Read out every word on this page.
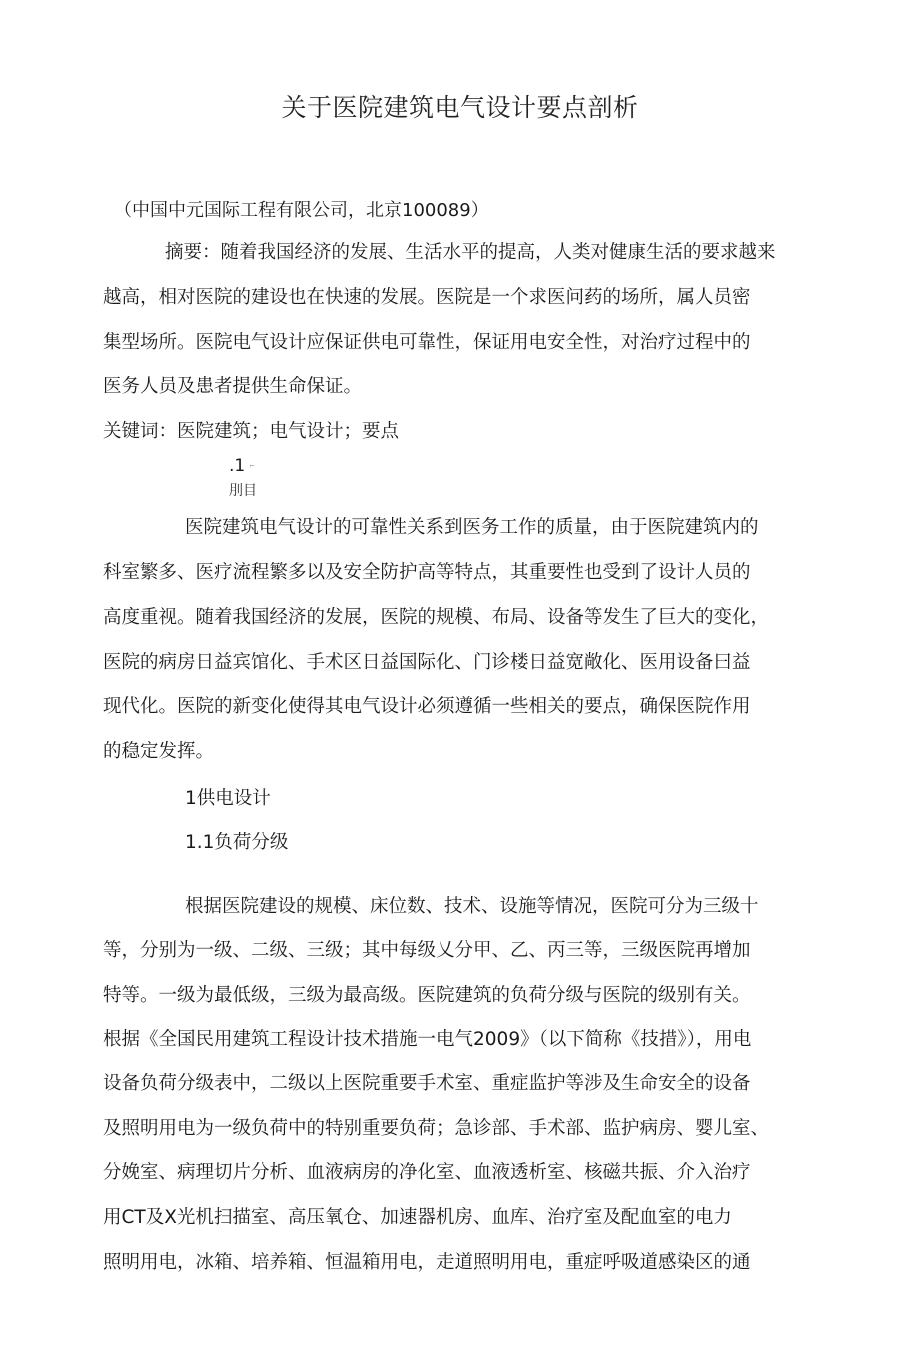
关于医院建筑电气设计要点剖析
（中国中元国际工程有限公司，北京100089）
摘要：随着我国经济的发展、生活水平的提高，人类对健康生活的要求越来
越高，相对医院的建设也在快速的发展。医院是一个求医问药的场所，属人员密
集型场所。医院电气设计应保证供电可靠性，保证用电安全性，对治疗过程中的
医务人员及患者提供生命保证。
关键词：医院建筑；电气设计；要点
.1 ⌐
刖目
医院建筑电气设计的可靠性关系到医务工作的质量，由于医院建筑内的
科室繁多、医疗流程繁多以及安全防护高等特点，其重要性也受到了设计人员的
高度重视。随着我国经济的发展，医院的规模、布局、设备等发生了巨大的变化，
医院的病房日益宾馆化、手术区日益国际化、门诊楼日益宽敞化、医用设备曰益
现代化。医院的新变化使得其电气设计必须遵循一些相关的要点，确保医院作用
的稳定发挥。
1供电设计
1.1负荷分级
根据医院建设的规模、床位数、技术、设施等情况，医院可分为三级十
等，分别为一级、二级、三级；其中每级乂分甲、乙、丙三等，三级医院再增加
特等。一级为最低级，三级为最高级。医院建筑的负荷分级与医院的级别有关。
根据《全国民用建筑工程设计技术措施一电气2009》（以下简称《技措》），用电
设备负荷分级表中，二级以上医院重要手术室、重症监护等涉及生命安全的设备
及照明用电为一级负荷中的特别重要负荷；急诊部、手术部、监护病房、婴儿室、
分娩室、病理切片分析、血液病房的净化室、血液透析室、核磁共振、介入治疗
用CT及X光机扫描室、高压氧仓、加速器机房、血库、治疗室及配血室的电力
照明用电，冰箱、培养箱、恒温箱用电，走道照明用电，重症呼吸道感染区的通
